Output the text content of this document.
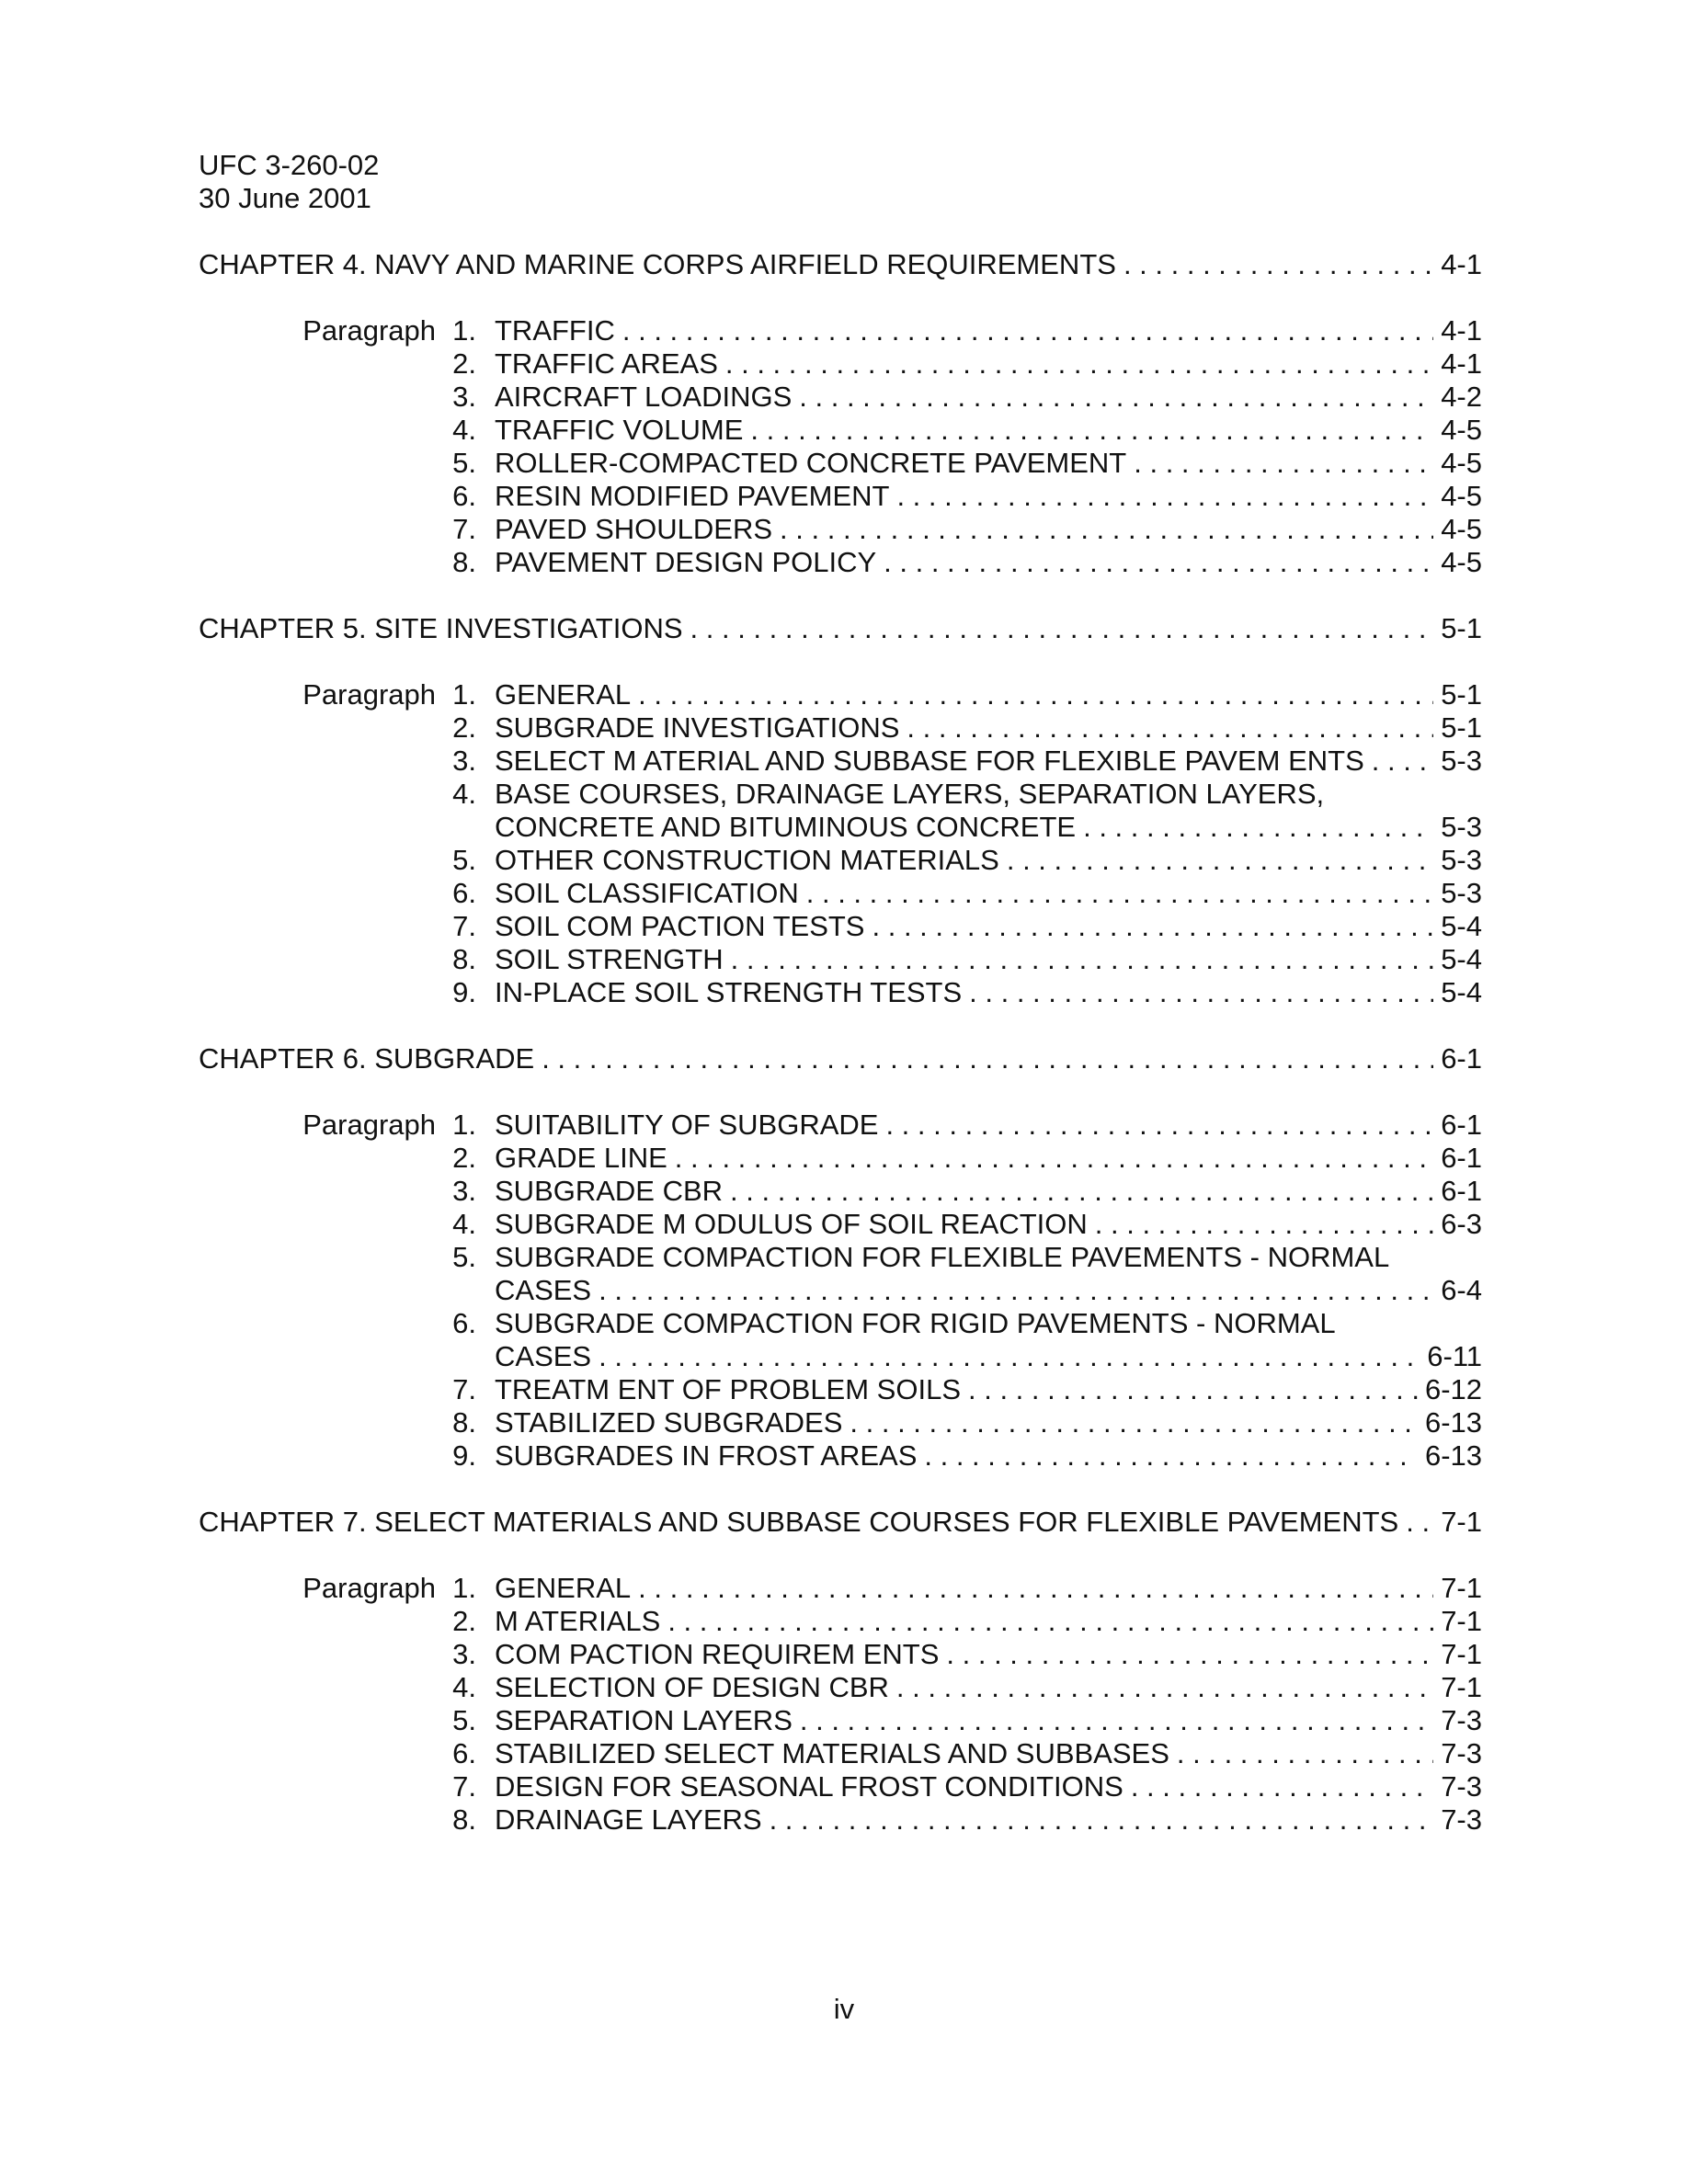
UFC 3-260-02
30 June 2001
CHAPTER 4. NAVY AND MARINE CORPS AIRFIELD REQUIREMENTS . . .	4-1
Paragraph 1. TRAFFIC . . .	4-1
2. TRAFFIC AREAS . . .	4-1
3. AIRCRAFT LOADINGS . . .	4-2
4. TRAFFIC VOLUME . . .	4-5
5. ROLLER-COMPACTED CONCRETE PAVEMENT . . .	4-5
6. RESIN MODIFIED PAVEMENT . . .	4-5
7. PAVED SHOULDERS . . .	4-5
8. PAVEMENT DESIGN POLICY . . .	4-5
CHAPTER 5. SITE INVESTIGATIONS . . .	5-1
Paragraph 1. GENERAL . . .	5-1
2. SUBGRADE INVESTIGATIONS . . .	5-1
3. SELECT M ATERIAL AND SUBBASE FOR FLEXIBLE PAVEM ENTS . . .	5-3
4. BASE COURSES, DRAINAGE LAYERS, SEPARATION LAYERS,
CONCRETE AND BITUMINOUS CONCRETE . . .	5-3
5. OTHER CONSTRUCTION MATERIALS . . .	5-3
6. SOIL CLASSIFICATION . . .	5-3
7. SOIL COM PACTION TESTS . . .	5-4
8. SOIL STRENGTH . . .	5-4
9. IN-PLACE SOIL STRENGTH TESTS . . .	5-4
CHAPTER 6. SUBGRADE . . .	6-1
Paragraph 1. SUITABILITY OF SUBGRADE . . .	6-1
2. GRADE LINE . . .	6-1
3. SUBGRADE CBR . . .	6-1
4. SUBGRADE M ODULUS OF SOIL REACTION . . .	6-3
5. SUBGRADE COMPACTION FOR FLEXIBLE PAVEMENTS - NORMAL
CASES . . .	6-4
6. SUBGRADE COMPACTION FOR RIGID PAVEMENTS - NORMAL
CASES . . .	6-11
7. TREATM ENT OF PROBLEM SOILS . . .	6-12
8. STABILIZED SUBGRADES . . .	6-13
9. SUBGRADES IN FROST AREAS . . .	6-13
CHAPTER 7. SELECT MATERIALS AND SUBBASE COURSES FOR FLEXIBLE PAVEMENTS . . . 7-1
Paragraph 1. GENERAL . . .	7-1
2. M ATERIALS . . .	7-1
3. COM PACTION REQUIREM ENTS . . .	7-1
4. SELECTION OF DESIGN CBR . . .	7-1
5. SEPARATION LAYERS . . .	7-3
6. STABILIZED SELECT MATERIALS AND SUBBASES . . .	7-3
7. DESIGN FOR SEASONAL FROST CONDITIONS . . .	7-3
8. DRAINAGE LAYERS . . .	7-3
iv
